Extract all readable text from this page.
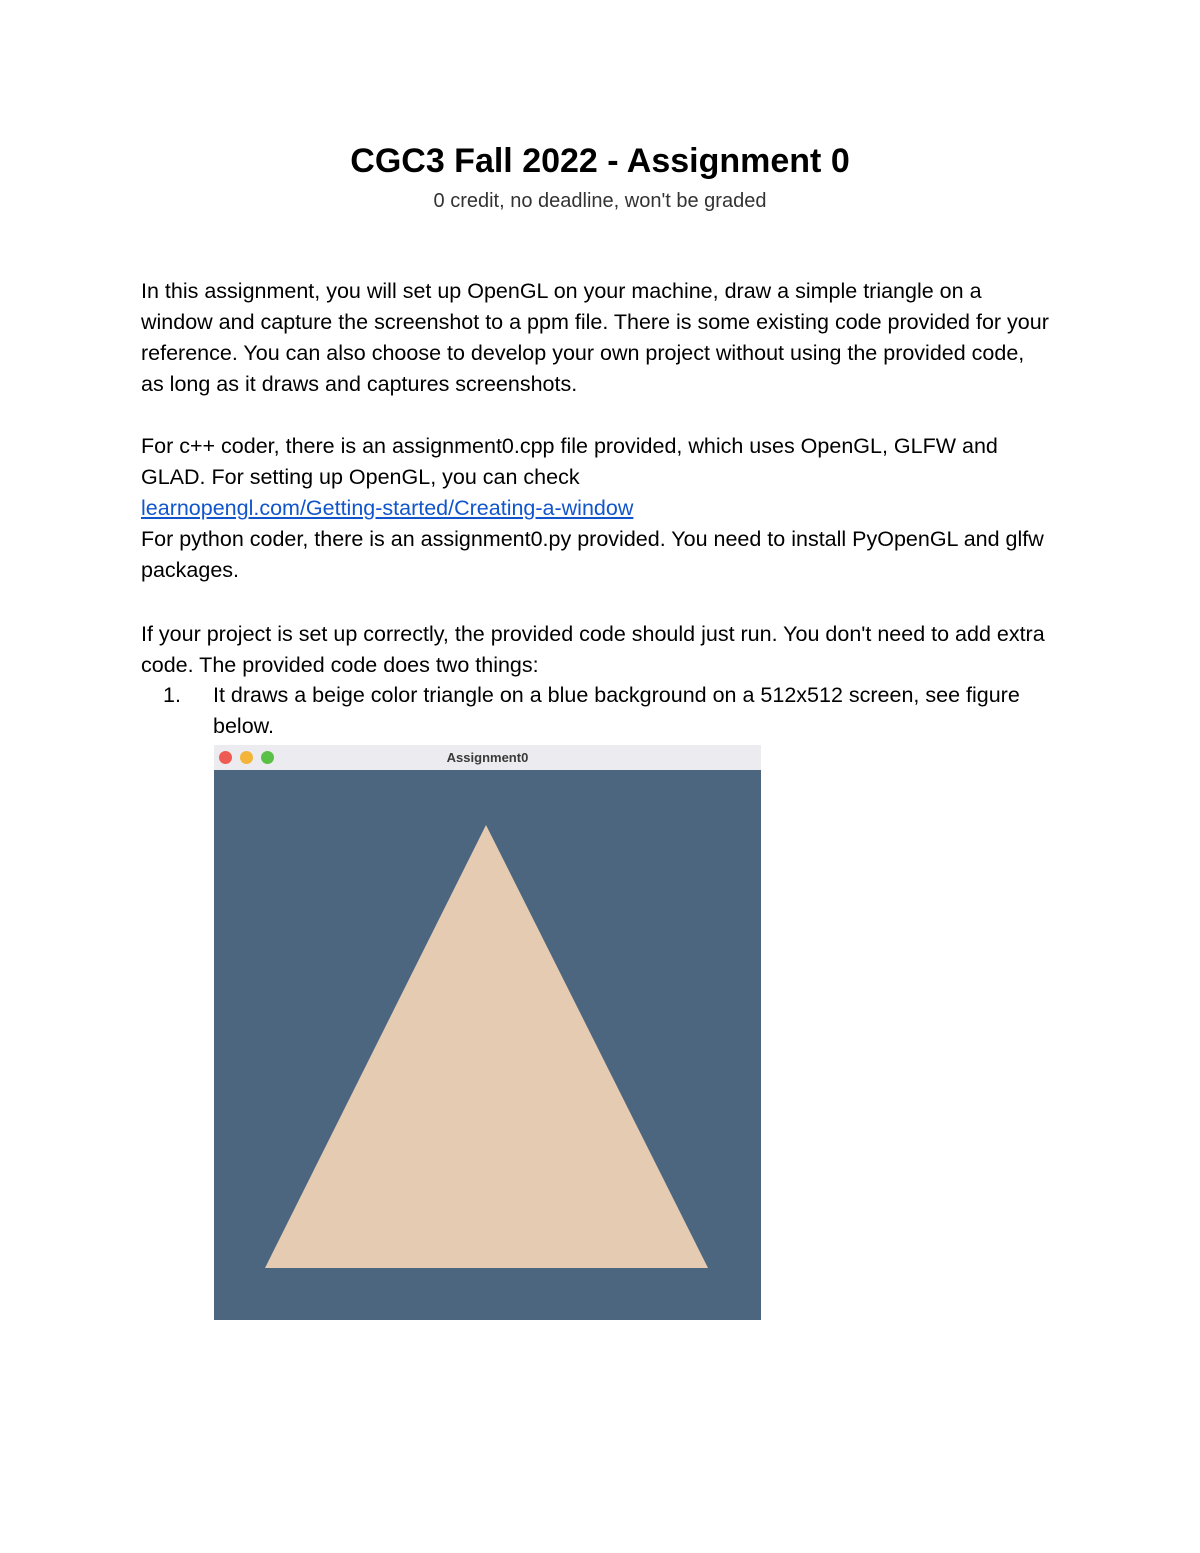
CGC3 Fall 2022 - Assignment 0
0 credit, no deadline, won't be graded

In this assignment, you will set up OpenGL on your machine, draw a simple triangle on a window and capture the screenshot to a ppm file. There is some existing code provided for your reference. You can also choose to develop your own project without using the provided code, as long as it draws and captures screenshots.

For c++ coder, there is an assignment0.cpp file provided, which uses OpenGL, GLFW and GLAD. For setting up OpenGL, you can check
learnopengl.com/Getting-started/Creating-a-window

For python coder, there is an assignment0.py provided. You need to install PyOpenGL and glfw packages.

If your project is set up correctly, the provided code should just run. You don't need to add extra code. The provided code does two things:

1. It draws a beige color triangle on a blue background on a 512x512 screen, see figure below.
Assignment0
